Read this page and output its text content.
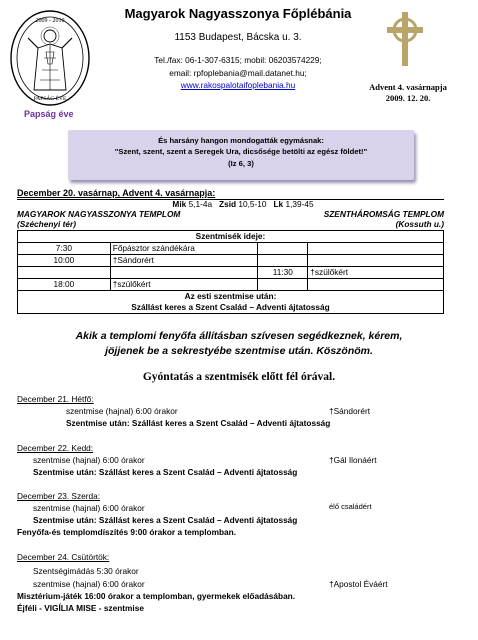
2009 - 2010
PAPSÁG ÉVE
Magyarok Nagyasszonya Főplébánia
1153 Budapest, Bácska u. 3.
Tel./fax: 06-1-307-6315; mobil: 06203574229;
email: rpfoplebania@mail.datanet.hu;
www.rakospalotaifoplebania.hu	Advent 4. vasárnapja
2009. 12. 20.
Papság éve
És harsány hangon mondogatták egymásnak:
"Szent, szent, szent a Seregek Ura, dicsősége betölti az egész földet!"
(Iz 6, 3)
December 20. vasárnap, Advent 4. vasárnapja:
Mik 5,1-4a Zsid 10,5-10 Lk 1,39-45
MAGYAROK NAGYASSZONYA TEMPLOM	SZENTHÁROMSÁG TEMPLOM
(Széchenyi tér)	(Kossuth u.)
Szentmisék ideje:			
7:30	Főpásztor szándékára		
10:00	†Sándorért		
		11:30	†szülőkért
18:00	†szülőkért		

Az esti szentmise után:
Szállást keres a Szent Család – Adventi ájtatosság			
Akik a templomi fenyőfa állításban szívesen segédkeznek, kérem,
jöjjenek be a sekrestyébe szentmise után. Köszönöm.
Gyóntatás a szentmisék előtt fél órával.
December 21. Hétfő:
szentmise (hajnal) 6:00 órakor	†Sándorért
Szentmise után: Szállást keres a Szent Család – Adventi ájtatosság
December 22. Kedd:
szentmise (hajnal) 6:00 órakor	†Gál Ilonáért
Szentmise után: Szállást keres a Szent Család – Adventi ájtatosság
December 23. Szerda:
szentmise (hajnal) 6:00 órakor	élő családért
Szentmise után: Szállást keres a Szent Család – Adventi ájtatosság
Fenyőfa-és templomdíszítés 9:00 órakor a templomban.
December 24. Csütörtök:
Szentségimádás 5:30 órakor
szentmise (hajnal) 6:00 órakor	†Apostol Éváért
Misztérium-játék 16:00 órakor a templomban, gyermekek előadásában.
Éjféli - VIGÍLIA MISE - szentmise
